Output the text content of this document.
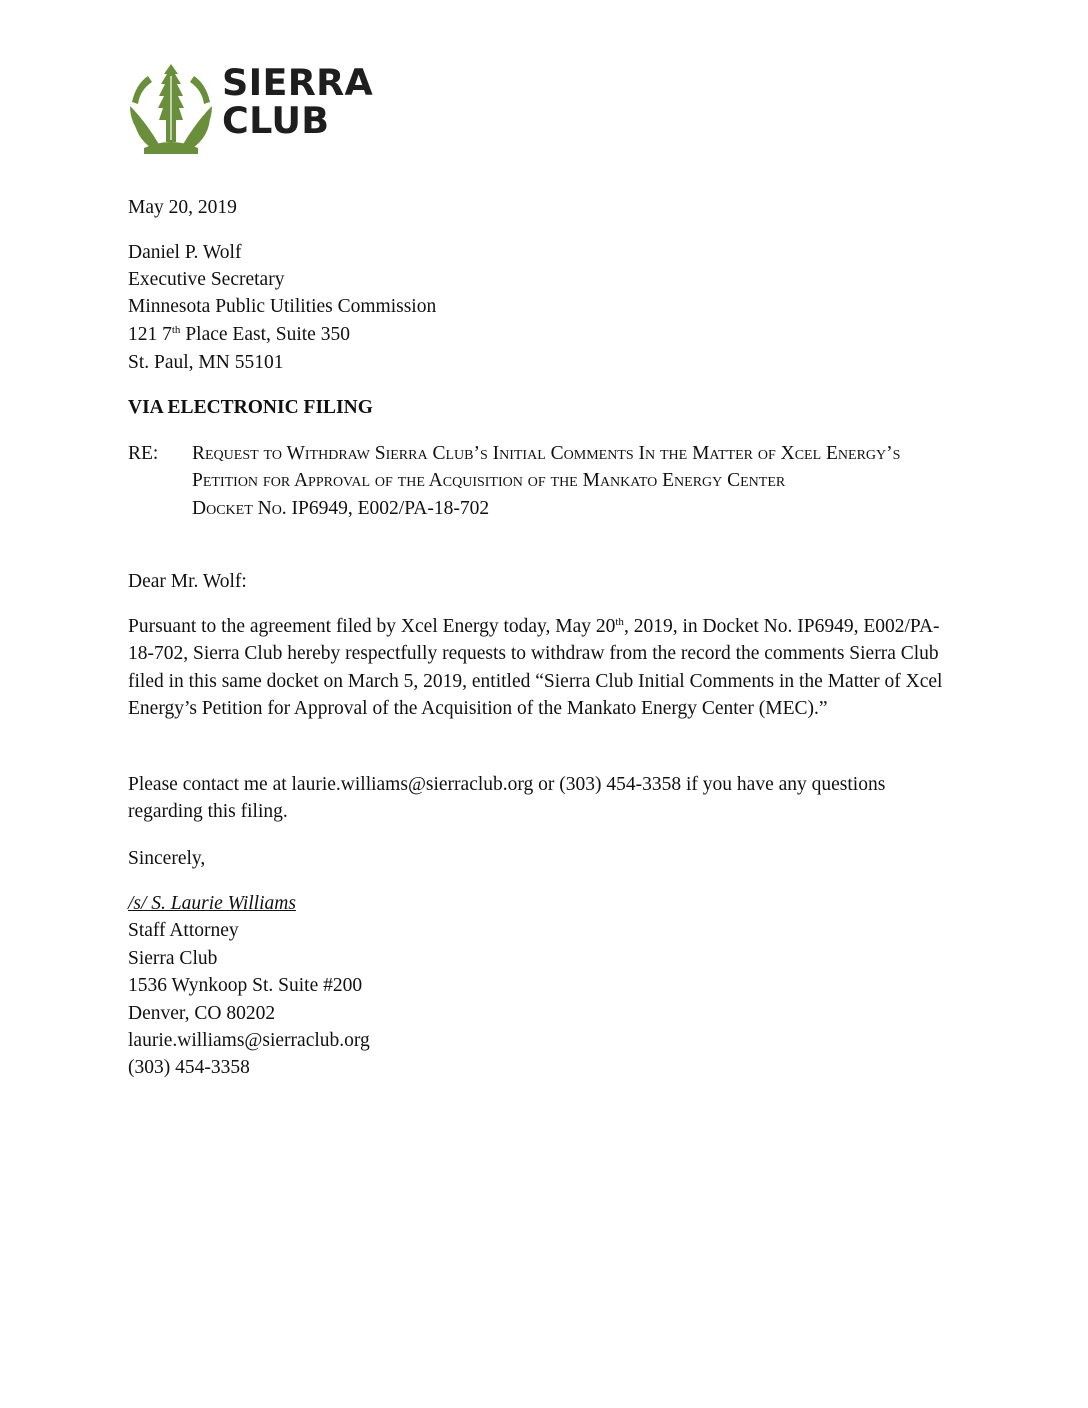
SIERRA
CLUB
May 20, 2019
Daniel P. Wolf
Executive Secretary
Minnesota Public Utilities Commission
121 7th Place East, Suite 350
St. Paul, MN 55101
VIA ELECTRONIC FILING
RE: Request to Withdraw Sierra Club’s Initial Comments In the Matter of Xcel Energy’s Petition for Approval of the Acquisition of the Mankato Energy Center
Docket No. IP6949, E002/PA-18-702
Dear Mr. Wolf:
Pursuant to the agreement filed by Xcel Energy today, May 20th, 2019, in Docket No. IP6949, E002/PA-18-702, Sierra Club hereby respectfully requests to withdraw from the record the comments Sierra Club filed in this same docket on March 5, 2019, entitled “Sierra Club Initial Comments in the Matter of Xcel Energy’s Petition for Approval of the Acquisition of the Mankato Energy Center (MEC).”
Please contact me at laurie.williams@sierraclub.org or (303) 454-3358 if you have any questions regarding this filing.
Sincerely,
/s/ S. Laurie Williams
Staff Attorney
Sierra Club
1536 Wynkoop St. Suite #200
Denver, CO 80202
laurie.williams@sierraclub.org
(303) 454-3358
